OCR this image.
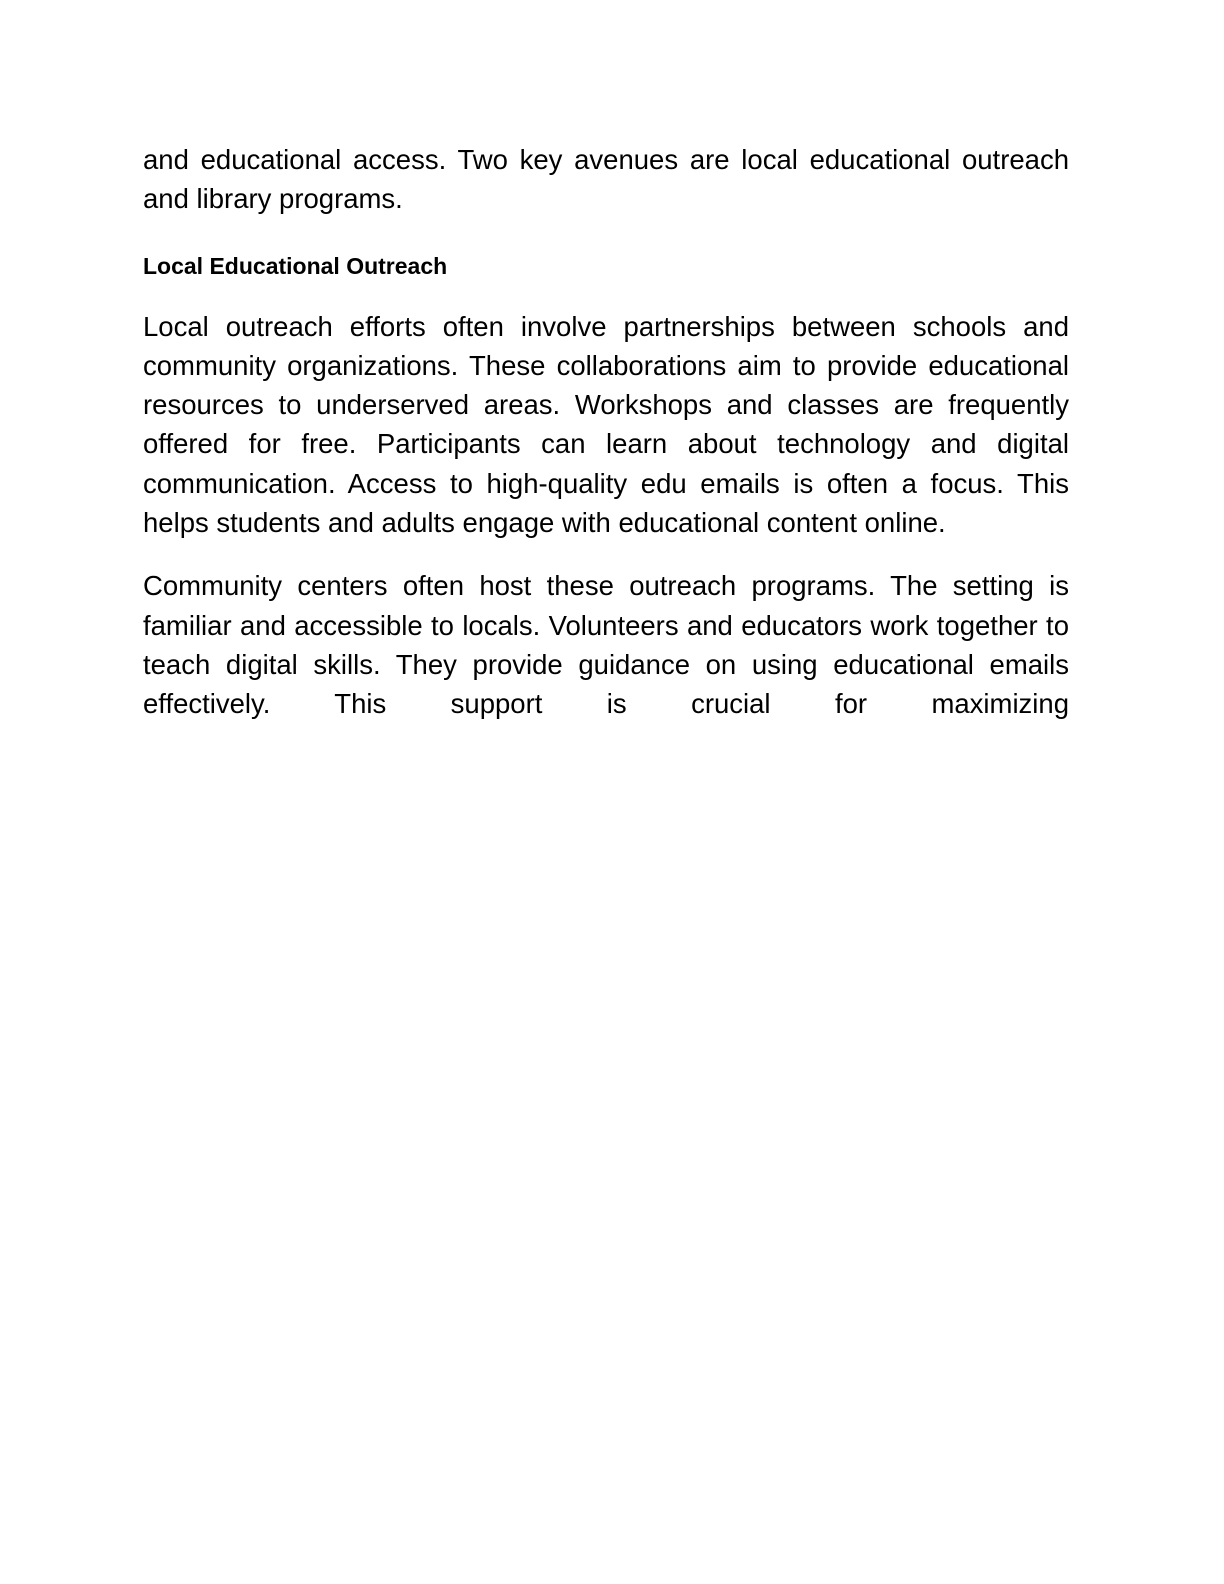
and educational access. Two key avenues are local educational outreach and library programs.

Local Educational Outreach

Local outreach efforts often involve partnerships between schools and community organizations. These collaborations aim to provide educational resources to underserved areas. Workshops and classes are frequently offered for free. Participants can learn about technology and digital communication. Access to high-quality edu emails is often a focus. This helps students and adults engage with educational content online.

Community centers often host these outreach programs. The setting is familiar and accessible to locals. Volunteers and educators work together to teach digital skills. They provide guidance on using educational emails effectively. This support is crucial for maximizing
